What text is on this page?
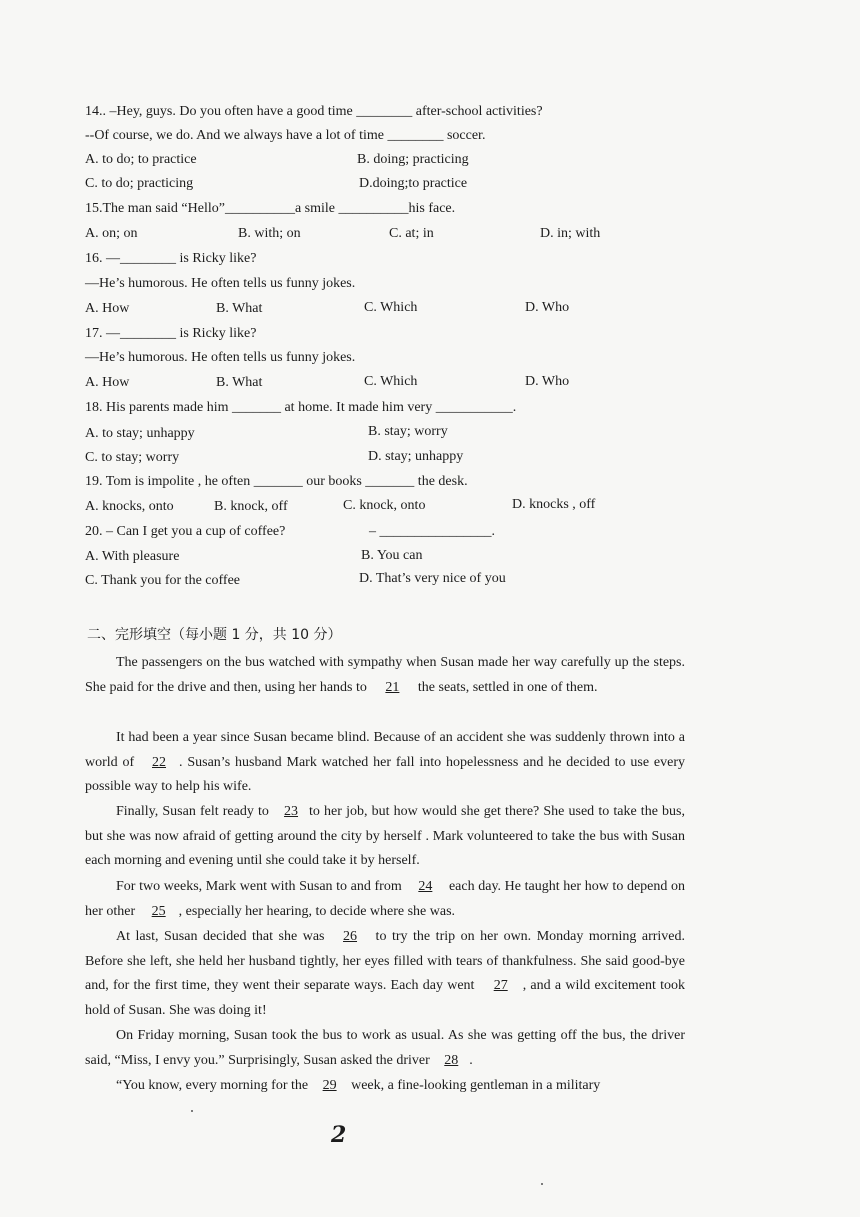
14.. –Hey, guys. Do you often have a good time ________ after-school activities?
--Of course, we do. And we always have a lot of time ________ soccer.
A. to do; to practice	B. doing; practicing
C. to do; practicing	D.doing;to practice
15.The man said “Hello”__________a smile __________his face.
A. on; on	B. with; on	C. at; in	D. in; with
16. —________ is Ricky like?
—He’s humorous. He often tells us funny jokes.
A. How	B. What	C. Which	D. Who
17. —________ is Ricky like?
—He’s humorous. He often tells us funny jokes.
A. How	B. What	C. Which	D. Who
18. His parents made him _______ at home. It made him very ___________.
A. to stay; unhappy	B. stay; worry
C. to stay; worry	D. stay; unhappy
19. Tom is impolite , he often _______ our books _______ the desk.
A. knocks, onto	B. knock, off	C. knock, onto	D. knocks , off
20. – Can I get you a cup of coffee?	– ________________.
A. With pleasure	B. You can
C. Thank you for the coffee	D. That’s very nice of you
二、完形填空（每小题 1 分，共 10 分）
The passengers on the bus watched with sympathy when Susan made her way carefully up the steps. She paid for the drive and then, using her hands to 21 the seats, settled in one of them.
It had been a year since Susan became blind. Because of an accident she was suddenly thrown into a world of 22 . Susan’s husband Mark watched her fall into hopelessness and he decided to use every possible way to help his wife.
Finally, Susan felt ready to 23 to her job, but how would she get there? She used to take the bus, but she was now afraid of getting around the city by herself . Mark volunteered to take the bus with Susan each morning and evening until she could take it by herself.
For two weeks, Mark went with Susan to and from 24 each day. He taught her how to depend on her other 25 , especially her hearing, to decide where she was.
At last, Susan decided that she was 26 to try the trip on her own. Monday morning arrived. Before she left, she held her husband tightly, her eyes filled with tears of thankfulness. She said good-bye and, for the first time, they went their separate ways. Each day went 27 , and a wild excitement took hold of Susan. She was doing it!
On Friday morning, Susan took the bus to work as usual. As she was getting off the bus, the driver said, “Miss, I envy you.” Surprisingly, Susan asked the driver 28 .
“You know, every morning for the 29 week, a fine-looking gentleman in a military
2
